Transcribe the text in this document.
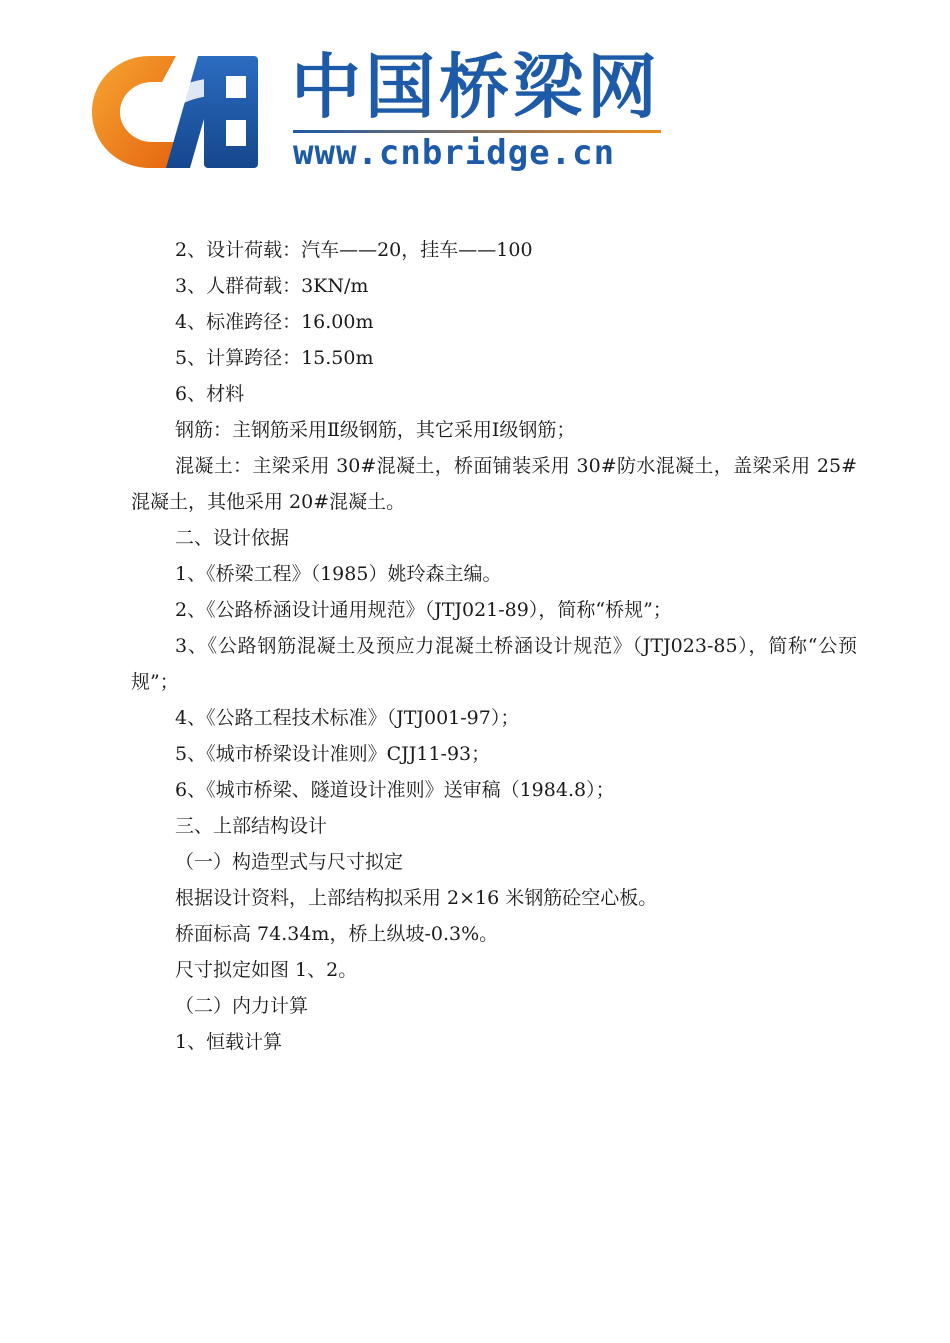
中国桥梁网
www.cnbridge.cn

2、设计荷载：汽车——20，挂车——100

3、人群荷载：3KN/m

4、标准跨径：16.00m

5、计算跨径：15.50m

6、材料

钢筋：主钢筋采用Ⅱ级钢筋，其它采用Ⅰ级钢筋；

混凝土：主梁采用 30#混凝土，桥面铺装采用 30#防水混凝土，盖梁采用 25#混凝土，其他采用 20#混凝土。

二、设计依据

1、《桥梁工程》（1985）姚玲森主编。

2、《公路桥涵设计通用规范》（JTJ021-89），简称“桥规”；

3、《公路钢筋混凝土及预应力混凝土桥涵设计规范》（JTJ023-85），简称“公预规”；

4、《公路工程技术标准》（JTJ001-97）；

5、《城市桥梁设计准则》CJJ11-93；

6、《城市桥梁、隧道设计准则》送审稿（1984.8）；

三、上部结构设计

（一）构造型式与尺寸拟定

根据设计资料，上部结构拟采用 2×16 米钢筋砼空心板。

桥面标高 74.34m，桥上纵坡-0.3%。

尺寸拟定如图 1、2。

（二）内力计算

1、恒载计算
